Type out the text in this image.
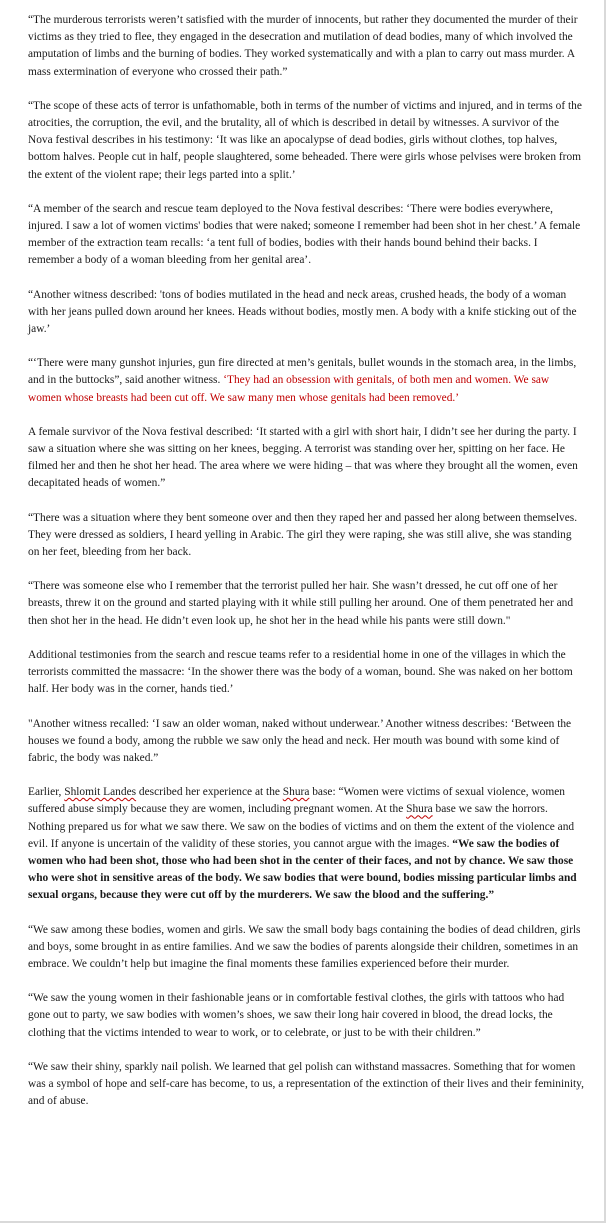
“The murderous terrorists weren’t satisfied with the murder of innocents, but rather they documented the murder of their victims as they tried to flee, they engaged in the desecration and mutilation of dead bodies, many of which involved the amputation of limbs and the burning of bodies. They worked systematically and with a plan to carry out mass murder. A mass extermination of everyone who crossed their path.”

“The scope of these acts of terror is unfathomable, both in terms of the number of victims and injured, and in terms of the atrocities, the corruption, the evil, and the brutality, all of which is described in detail by witnesses. A survivor of the Nova festival describes in his testimony: ‘It was like an apocalypse of dead bodies, girls without clothes, top halves, bottom halves. People cut in half, people slaughtered, some beheaded. There were girls whose pelvises were broken from the extent of the violent rape; their legs parted into a split.’

“A member of the search and rescue team deployed to the Nova festival describes: ‘There were bodies everywhere, injured. I saw a lot of women victims' bodies that were naked; someone I remember had been shot in her chest.’ A female member of the extraction team recalls: ‘a tent full of bodies, bodies with their hands bound behind their backs. I remember a body of a woman bleeding from her genital area’.

“Another witness described: 'tons of bodies mutilated in the head and neck areas, crushed heads, the body of a woman with her jeans pulled down around her knees. Heads without bodies, mostly men. A body with a knife sticking out of the jaw.’

“‘There were many gunshot injuries, gun fire directed at men’s genitals, bullet wounds in the stomach area, in the limbs, and in the buttocks”, said another witness. ‘They had an obsession with genitals, of both men and women. We saw women whose breasts had been cut off. We saw many men whose genitals had been removed.’

A female survivor of the Nova festival described: ‘It started with a girl with short hair, I didn’t see her during the party. I saw a situation where she was sitting on her knees, begging. A terrorist was standing over her, spitting on her face. He filmed her and then he shot her head. The area where we were hiding – that was where they brought all the women, even decapitated heads of women.”

“There was a situation where they bent someone over and then they raped her and passed her along between themselves. They were dressed as soldiers, I heard yelling in Arabic. The girl they were raping, she was still alive, she was standing on her feet, bleeding from her back.

“There was someone else who I remember that the terrorist pulled her hair. She wasn’t dressed, he cut off one of her breasts, threw it on the ground and started playing with it while still pulling her around. One of them penetrated her and then shot her in the head. He didn’t even look up, he shot her in the head while his pants were still down."

Additional testimonies from the search and rescue teams refer to a residential home in one of the villages in which the terrorists committed the massacre: ‘In the shower there was the body of a woman, bound. She was naked on her bottom half. Her body was in the corner, hands tied.’

"Another witness recalled: ‘I saw an older woman, naked without underwear.’ Another witness describes: ‘Between the houses we found a body, among the rubble we saw only the head and neck. Her mouth was bound with some kind of fabric, the body was naked.”

Earlier, Shlomit Landes described her experience at the Shura base: “Women were victims of sexual violence, women suffered abuse simply because they are women, including pregnant women. At the Shura base we saw the horrors. Nothing prepared us for what we saw there. We saw on the bodies of victims and on them the extent of the violence and evil. If anyone is uncertain of the validity of these stories, you cannot argue with the images. “We saw the bodies of women who had been shot, those who had been shot in the center of their faces, and not by chance. We saw those who were shot in sensitive areas of the body. We saw bodies that were bound, bodies missing particular limbs and sexual organs, because they were cut off by the murderers. We saw the blood and the suffering.”

“We saw among these bodies, women and girls. We saw the small body bags containing the bodies of dead children, girls and boys, some brought in as entire families. And we saw the bodies of parents alongside their children, sometimes in an embrace. We couldn’t help but imagine the final moments these families experienced before their murder.

“We saw the young women in their fashionable jeans or in comfortable festival clothes, the girls with tattoos who had gone out to party, we saw bodies with women’s shoes, we saw their long hair covered in blood, the dread locks, the clothing that the victims intended to wear to work, or to celebrate, or just to be with their children.”

“We saw their shiny, sparkly nail polish. We learned that gel polish can withstand massacres. Something that for women was a symbol of hope and self-care has become, to us, a representation of the extinction of their lives and their femininity, and of abuse.
